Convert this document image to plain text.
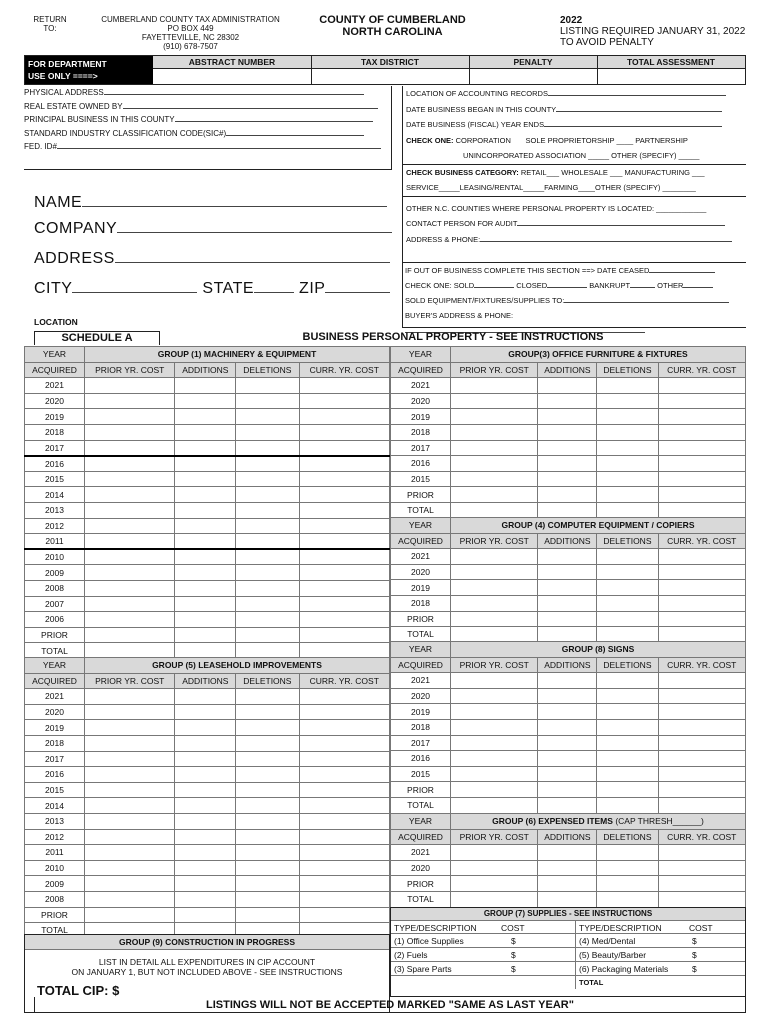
RETURN
TO:
CUMBERLAND COUNTY TAX ADMINISTRATION
PO BOX 449
FAYETTEVILLE, NC 28302
(910) 678-7507
COUNTY OF CUMBERLAND
NORTH CAROLINA
2022
LISTING REQUIRED JANUARY 31, 2022
TO AVOID PENALTY
FOR DEPARTMENT
USE ONLY ====>
ABSTRACT NUMBER	TAX DISTRICT	PENALTY	TOTAL ASSESSMENT
PHYSICAL ADDRESS
REAL ESTATE OWNED BY
PRINCIPAL BUSINESS IN THIS COUNTY
STANDARD INDUSTRY CLASSIFICATION CODE(SIC#)
FED. ID#
NAME
COMPANY
ADDRESS
CITY	STATE	ZIP
LOCATION
LOCATION OF ACCOUNTING RECORDS
DATE BUSINESS BEGAN IN THIS COUNTY
DATE BUSINESS (FISCAL) YEAR ENDS
CHECK ONE: CORPORATION SOLE PROPRIETORSHIP ____ PARTNERSHIP
UNINCORPORATED ASSOCIATION _____ OTHER (SPECIFY) _____
CHECK BUSINESS CATEGORY: RETAIL___ WHOLESALE ___ MANUFACTURING ___
SERVICE_____LEASING/RENTAL_____FARMING____OTHER (SPECIFY) ________
OTHER N.C. COUNTIES WHERE PERSONAL PROPERTY IS LOCATED: ____________
CONTACT PERSON FOR AUDIT
ADDRESS & PHONE:
IF OUT OF BUSINESS COMPLETE THIS SECTION ==> DATE CEASED
CHECK ONE: SOLD	CLOSED	BANKRUPT	OTHER
SOLD EQUIPMENT/FIXTURES/SUPPLIES TO:
BUYER'S ADDRESS & PHONE:
SCHEDULE A	BUSINESS PERSONAL PROPERTY - SEE INSTRUCTIONS
YEAR	GROUP (1) MACHINERY & EQUIPMENT			
ACQUIRED	PRIOR YR. COST	ADDITIONS	DELETIONS	CURR. YR. COST
2021				
2020				
2019				
2018				
2017				
2016				
2015				
2014				
2013				
2012				
2011				
2010				
2009				
2008				
2007				
2006				
PRIOR				
TOTAL				
YEAR	GROUP (5) LEASEHOLD IMPROVEMENTS			
ACQUIRED	PRIOR YR. COST	ADDITIONS	DELETIONS	CURR. YR. COST
2021				
2020				
2019				
2018				
2017				
2016				
2015				
2014				
2013				
2012				
2011				
2010				
2009				
2008				
PRIOR				
TOTAL				
GROUP (9) CONSTRUCTION IN PROGRESS
LIST IN DETAIL ALL EXPENDITURES IN CIP ACCOUNT
ON JANUARY 1, BUT NOT INCLUDED ABOVE - SEE INSTRUCTIONS
TOTAL CIP: $
YEAR	GROUP(3) OFFICE FURNITURE & FIXTURES			
ACQUIRED	PRIOR YR. COST	ADDITIONS	DELETIONS	CURR. YR. COST
2021				
2020				
2019				
2018				
2017				
2016				
2015				
PRIOR				
TOTAL				
YEAR	GROUP (4) COMPUTER EQUIPMENT / COPIERS			
ACQUIRED	PRIOR YR. COST	ADDITIONS	DELETIONS	CURR. YR. COST
2021				
2020				
2019				
2018				
PRIOR				
TOTAL				
YEAR	GROUP (8) SIGNS			
ACQUIRED	PRIOR YR. COST	ADDITIONS	DELETIONS	CURR. YR. COST
2021				
2020				
2019				
2018				
2017				
2016				
2015				
PRIOR				
TOTAL				
YEAR	GROUP (6) EXPENSED ITEMS (CAP THRESH______)			
ACQUIRED	PRIOR YR. COST	ADDITIONS	DELETIONS	CURR. YR. COST
2021				
2020				
PRIOR				
TOTAL				
GROUP (7) SUPPLIES - SEE INSTRUCTIONS
TYPE/DESCRIPTION	COST	TYPE/DESCRIPTION	COST
(1) Office Supplies	$	(4) Med/Dental	$
(2) Fuels	$	(5) Beauty/Barber	$
(3) Spare Parts	$	(6) Packaging Materials	$
TOTAL
LISTINGS WILL NOT BE ACCEPTED MARKED "SAME AS LAST YEAR"
